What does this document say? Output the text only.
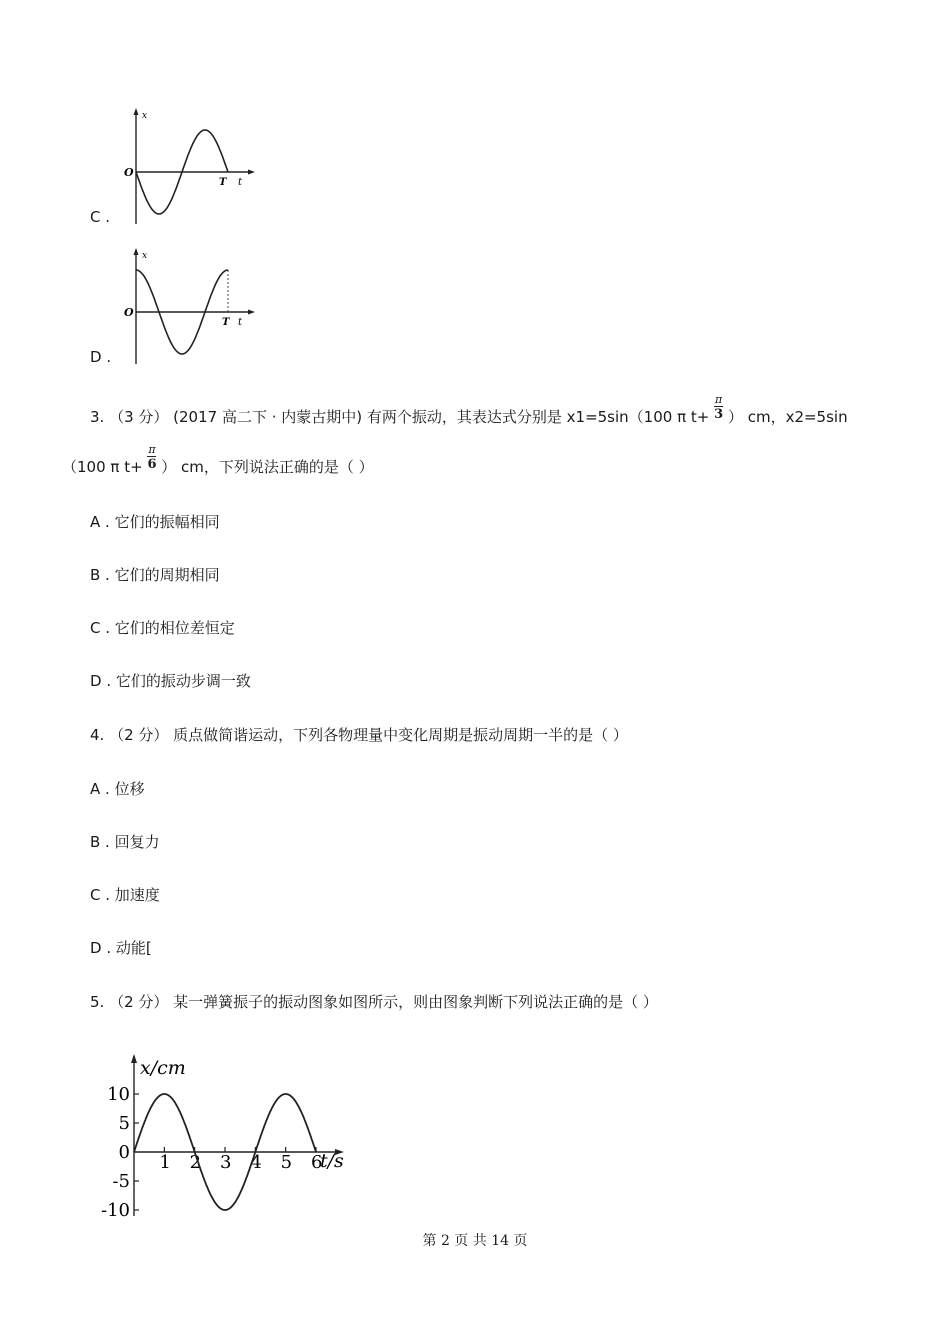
x
O
T t
C .
x
O
T t
D .
3. （3 分） (2017 高二下 · 内蒙古期中) 有两个振动，其表达式分别是 x1=5sin（100 π $t+ \frac{\pi}{3}$ ） cm，x2=5sin
（100 π $t+ \frac{\pi}{6}$ ） cm，下列说法正确的是（ ）
A . 它们的振幅相同
B . 它们的周期相同
C . 它们的相位差恒定
D . 它们的振动步调一致
4. （2 分） 质点做简谐运动，下列各物理量中变化周期是振动周期一半的是（ ）
A . 位移
B . 回复力
C . 加速度
D . 动能[
5. （2 分） 某一弹簧振子的振动图象如图所示，则由图象判断下列说法正确的是（ ）
1 2 3 4 5 6
10
5
0
-5
-10
x/cm
t/s
第 2 页 共 14 页
